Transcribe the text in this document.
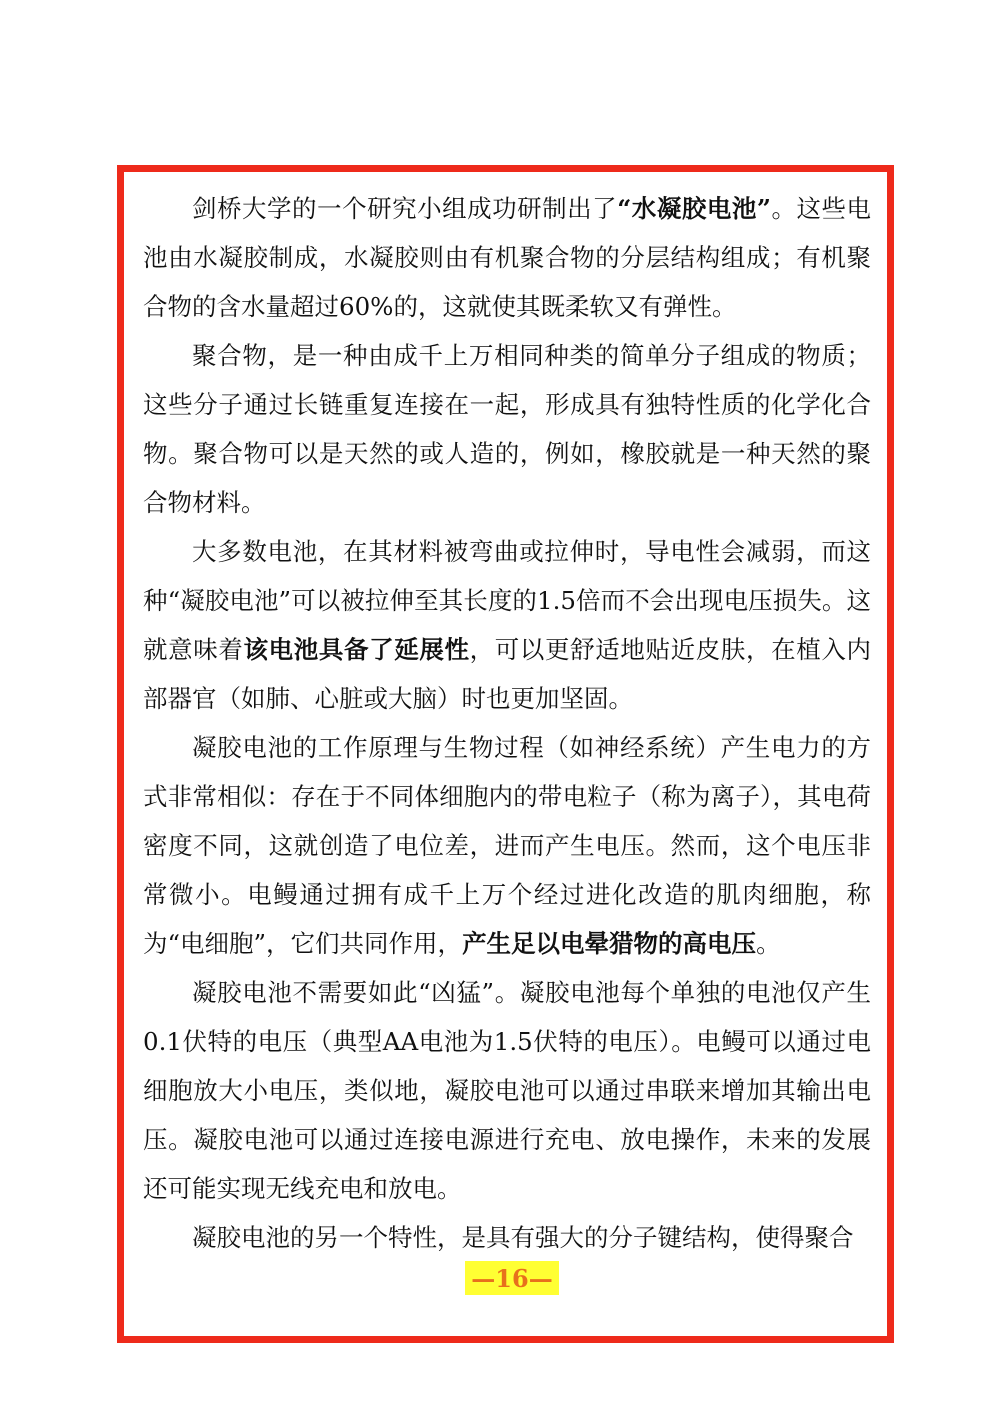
剑桥大学的一个研究小组成功研制出了“水凝胶电池”。这些电池由水凝胶制成，水凝胶则由有机聚合物的分层结构组成；有机聚合物的含水量超过60%的，这就使其既柔软又有弹性。

聚合物，是一种由成千上万相同种类的简单分子组成的物质；这些分子通过长链重复连接在一起，形成具有独特性质的化学化合物。聚合物可以是天然的或人造的，例如，橡胶就是一种天然的聚合物材料。

大多数电池，在其材料被弯曲或拉伸时，导电性会减弱，而这种“凝胶电池”可以被拉伸至其长度的1.5倍而不会出现电压损失。这就意味着该电池具备了延展性，可以更舒适地贴近皮肤，在植入内部器官（如肺、心脏或大脑）时也更加坚固。

凝胶电池的工作原理与生物过程（如神经系统）产生电力的方式非常相似：存在于不同体细胞内的带电粒子（称为离子），其电荷密度不同，这就创造了电位差，进而产生电压。然而，这个电压非常微小。电鳗通过拥有成千上万个经过进化改造的肌肉细胞，称为“电细胞”，它们共同作用，产生足以电晕猎物的高电压。

凝胶电池不需要如此“凶猛”。凝胶电池每个单独的电池仅产生0.1伏特的电压（典型AA电池为1.5伏特的电压）。电鳗可以通过电细胞放大小电压，类似地，凝胶电池可以通过串联来增加其输出电压。凝胶电池可以通过连接电源进行充电、放电操作，未来的发展还可能实现无线充电和放电。

凝胶电池的另一个特性，是具有强大的分子键结构，使得聚合

—16—
